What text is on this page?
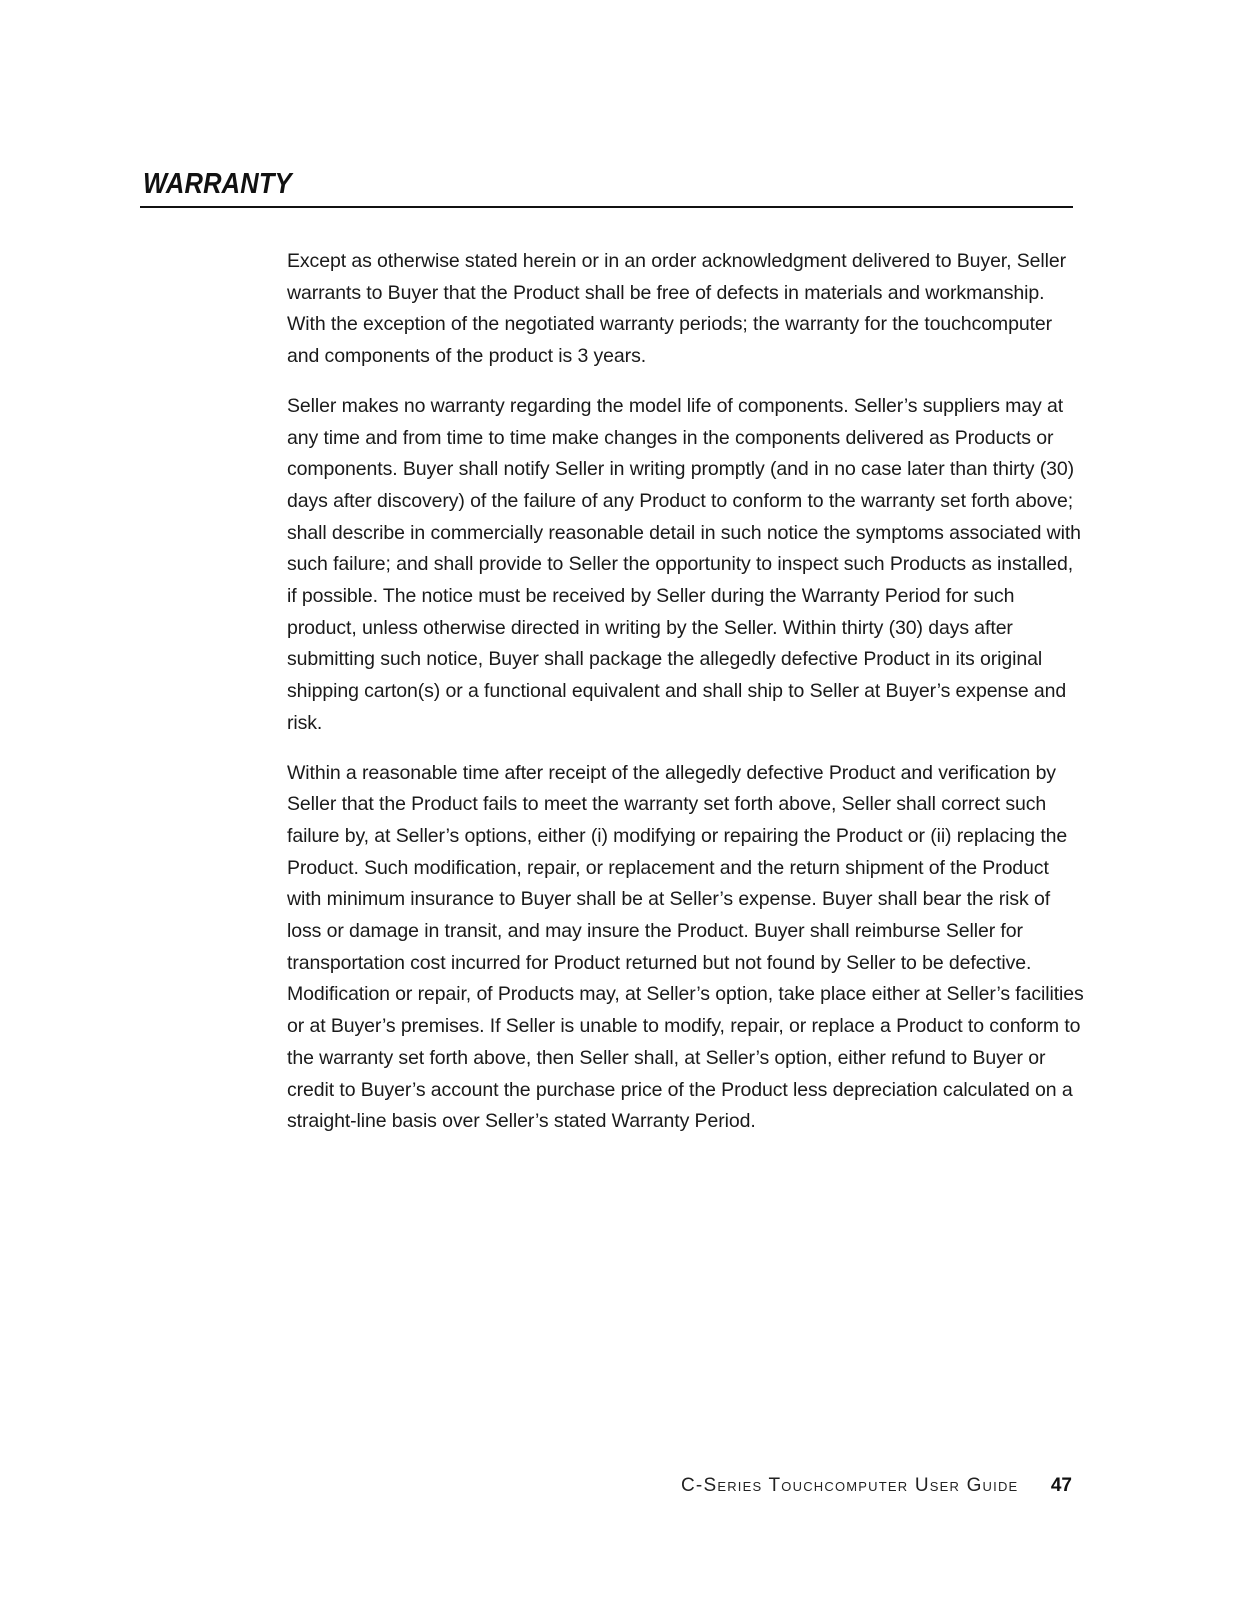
WARRANTY

Except as otherwise stated herein or in an order acknowledgment delivered to Buyer, Seller warrants to Buyer that the Product shall be free of defects in materials and workmanship. With the exception of the negotiated warranty periods; the warranty for the touchcomputer and components of the product is 3 years.

Seller makes no warranty regarding the model life of components. Seller’s suppliers may at any time and from time to time make changes in the components delivered as Products or components. Buyer shall notify Seller in writing promptly (and in no case later than thirty (30) days after discovery) of the failure of any Product to conform to the warranty set forth above; shall describe in commercially reasonable detail in such notice the symptoms associated with such failure; and shall provide to Seller the opportunity to inspect such Products as installed, if possible. The notice must be received by Seller during the Warranty Period for such product, unless otherwise directed in writing by the Seller. Within thirty (30) days after submitting such notice, Buyer shall package the allegedly defective Product in its original shipping carton(s) or a functional equivalent and shall ship to Seller at Buyer’s expense and risk.

Within a reasonable time after receipt of the allegedly defective Product and verification by Seller that the Product fails to meet the warranty set forth above, Seller shall correct such failure by, at Seller’s options, either (i) modifying or repairing the Product or (ii) replacing the Product. Such modification, repair, or replacement and the return shipment of the Product with minimum insurance to Buyer shall be at Seller’s expense. Buyer shall bear the risk of loss or damage in transit, and may insure the Product. Buyer shall reimburse Seller for transportation cost incurred for Product returned but not found by Seller to be defective. Modification or repair, of Products may, at Seller’s option, take place either at Seller’s facilities or at Buyer’s premises. If Seller is unable to modify, repair, or replace a Product to conform to the warranty set forth above, then Seller shall, at Seller’s option, either refund to Buyer or credit to Buyer’s account the purchase price of the Product less depreciation calculated on a straight-line basis over Seller’s stated Warranty Period.

C-Series Touchcomputer User Guide 47
